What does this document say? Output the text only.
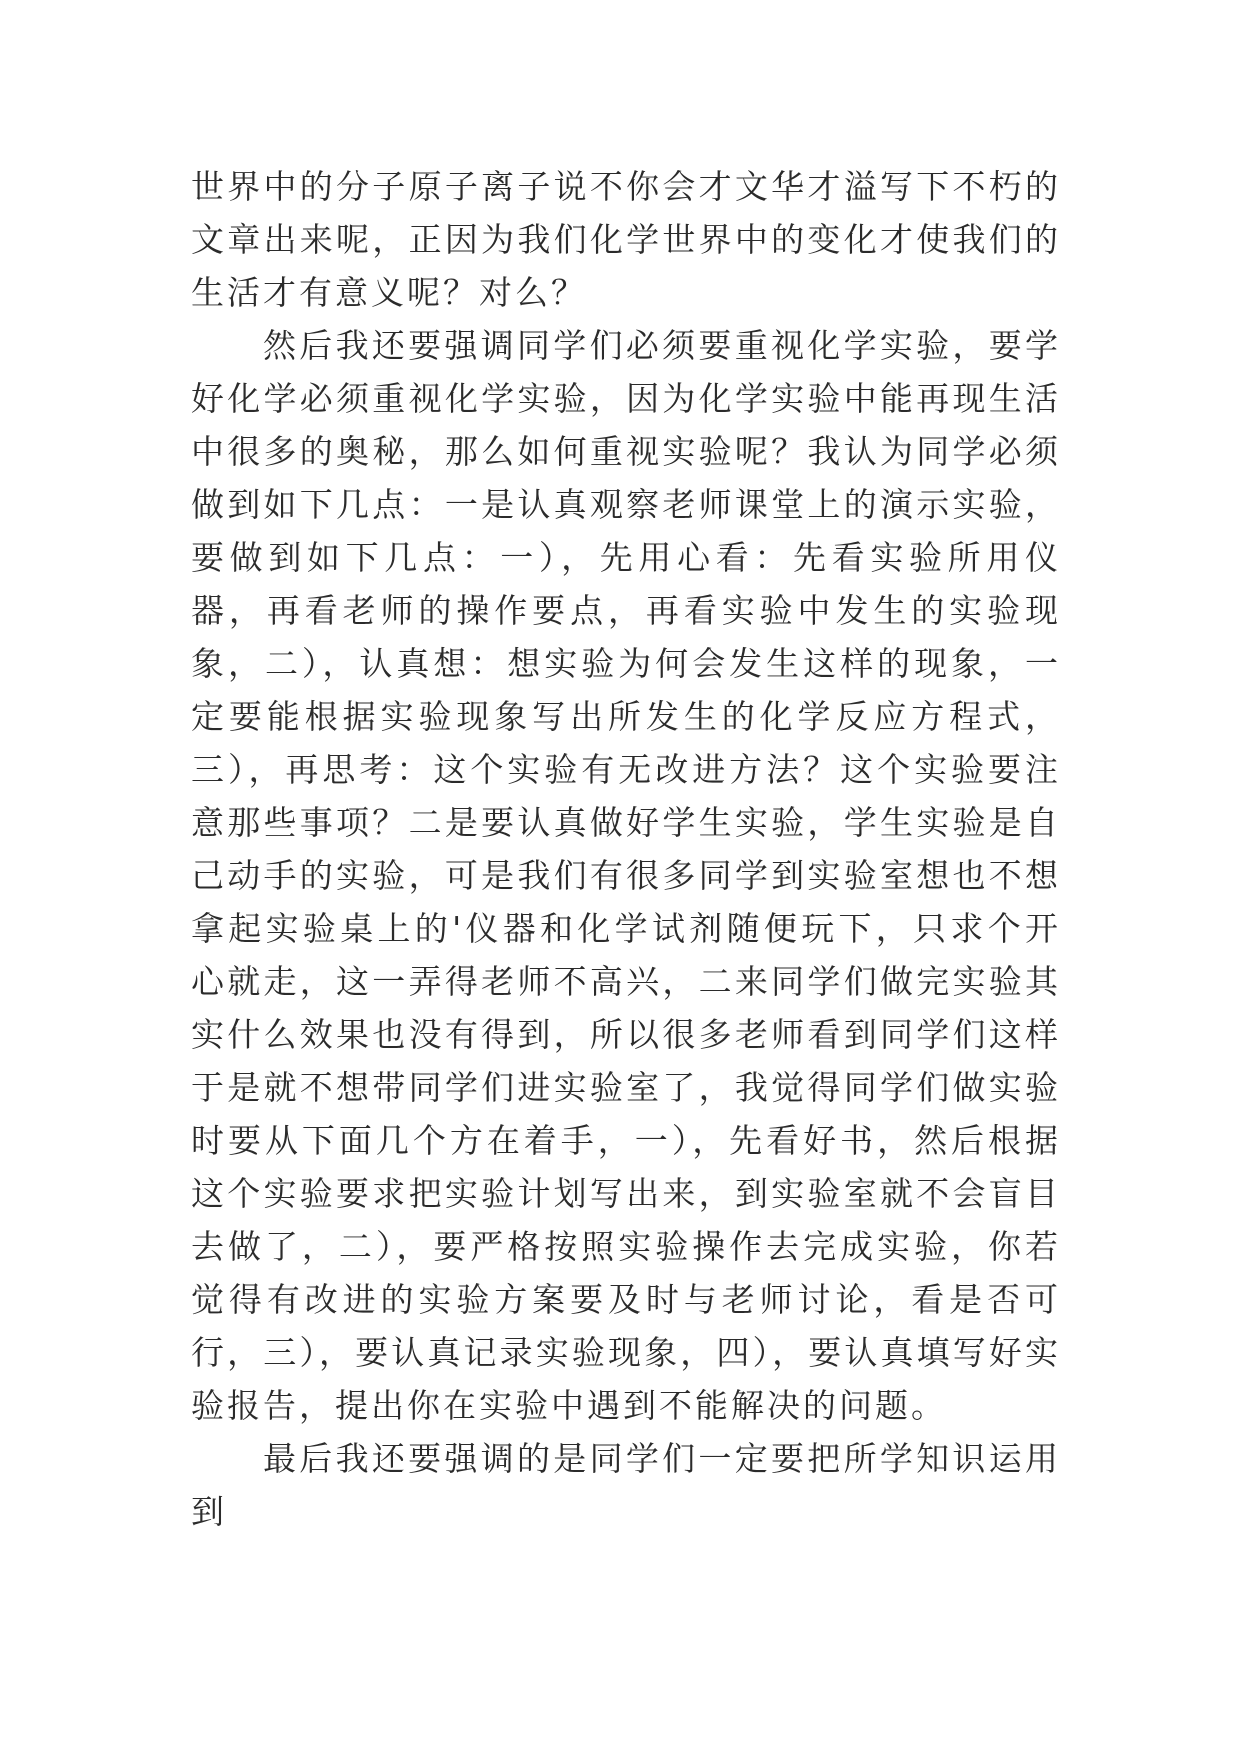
世界中的分子原子离子说不你会才文华才溢写下不朽的文章出来呢，正因为我们化学世界中的变化才使我们的生活才有意义呢？对么？

然后我还要强调同学们必须要重视化学实验，要学好化学必须重视化学实验，因为化学实验中能再现生活中很多的奥秘，那么如何重视实验呢？我认为同学必须做到如下几点：一是认真观察老师课堂上的演示实验，要做到如下几点：一），先用心看：先看实验所用仪器，再看老师的操作要点，再看实验中发生的实验现象，二），认真想：想实验为何会发生这样的现象，一定要能根据实验现象写出所发生的化学反应方程式，三），再思考：这个实验有无改进方法？这个实验要注意那些事项？二是要认真做好学生实验，学生实验是自己动手的实验，可是我们有很多同学到实验室想也不想拿起实验桌上的'仪器和化学试剂随便玩下，只求个开心就走，这一弄得老师不高兴，二来同学们做完实验其实什么效果也没有得到，所以很多老师看到同学们这样于是就不想带同学们进实验室了，我觉得同学们做实验时要从下面几个方在着手，一），先看好书，然后根据这个实验要求把实验计划写出来，到实验室就不会盲目去做了，二），要严格按照实验操作去完成实验，你若觉得有改进的实验方案要及时与老师讨论，看是否可行，三），要认真记录实验现象，四），要认真填写好实验报告，提出你在实验中遇到不能解决的问题。

最后我还要强调的是同学们一定要把所学知识运用到
